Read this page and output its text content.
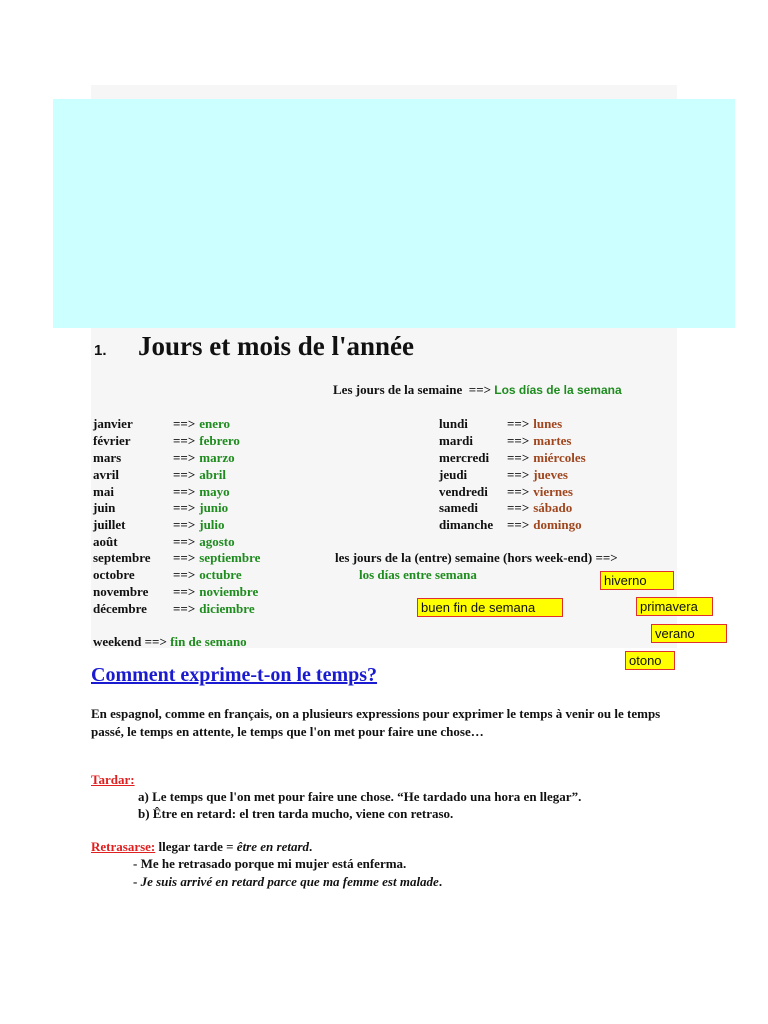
1. Jours et mois de l'année
Les jours de la semaine ==> Los días de la semana
janvier	==> enero
février	==> febrero
mars	==> marzo
avril	==> abril
mai	==> mayo
juin	==> junio
juillet	==> julio
août	==> agosto
septembre ==> septiembre
octobre	==> octubre
novembre ==> noviembre
décembre ==> diciembre
lundi	==> lunes
mardi	==> martes
mercredi ==> miércoles
jeudi	==> jueves
vendredi ==> viernes
samedi ==> sábado
dimanche ==> domingo
les jours de la (entre) semaine (hors week-end) ==>
los días entre semana
weekend ==> fin de semano
buen fin de semana
hiverno
primavera
verano
otono
Comment exprime-t-on le temps?
En espagnol, comme en français, on a plusieurs expressions pour exprimer le temps à venir ou le temps passé, le temps en attente, le temps que l'on met pour faire une chose…
Tardar:
a) Le temps que l'on met pour faire une chose. “He tardado una hora en llegar”.
b) Être en retard: el tren tarda mucho, viene con retraso.
Retrasarse: llegar tarde = être en retard.
- Me he retrasado porque mi mujer está enferma.
- Je suis arrivé en retard parce que ma femme est malade.
